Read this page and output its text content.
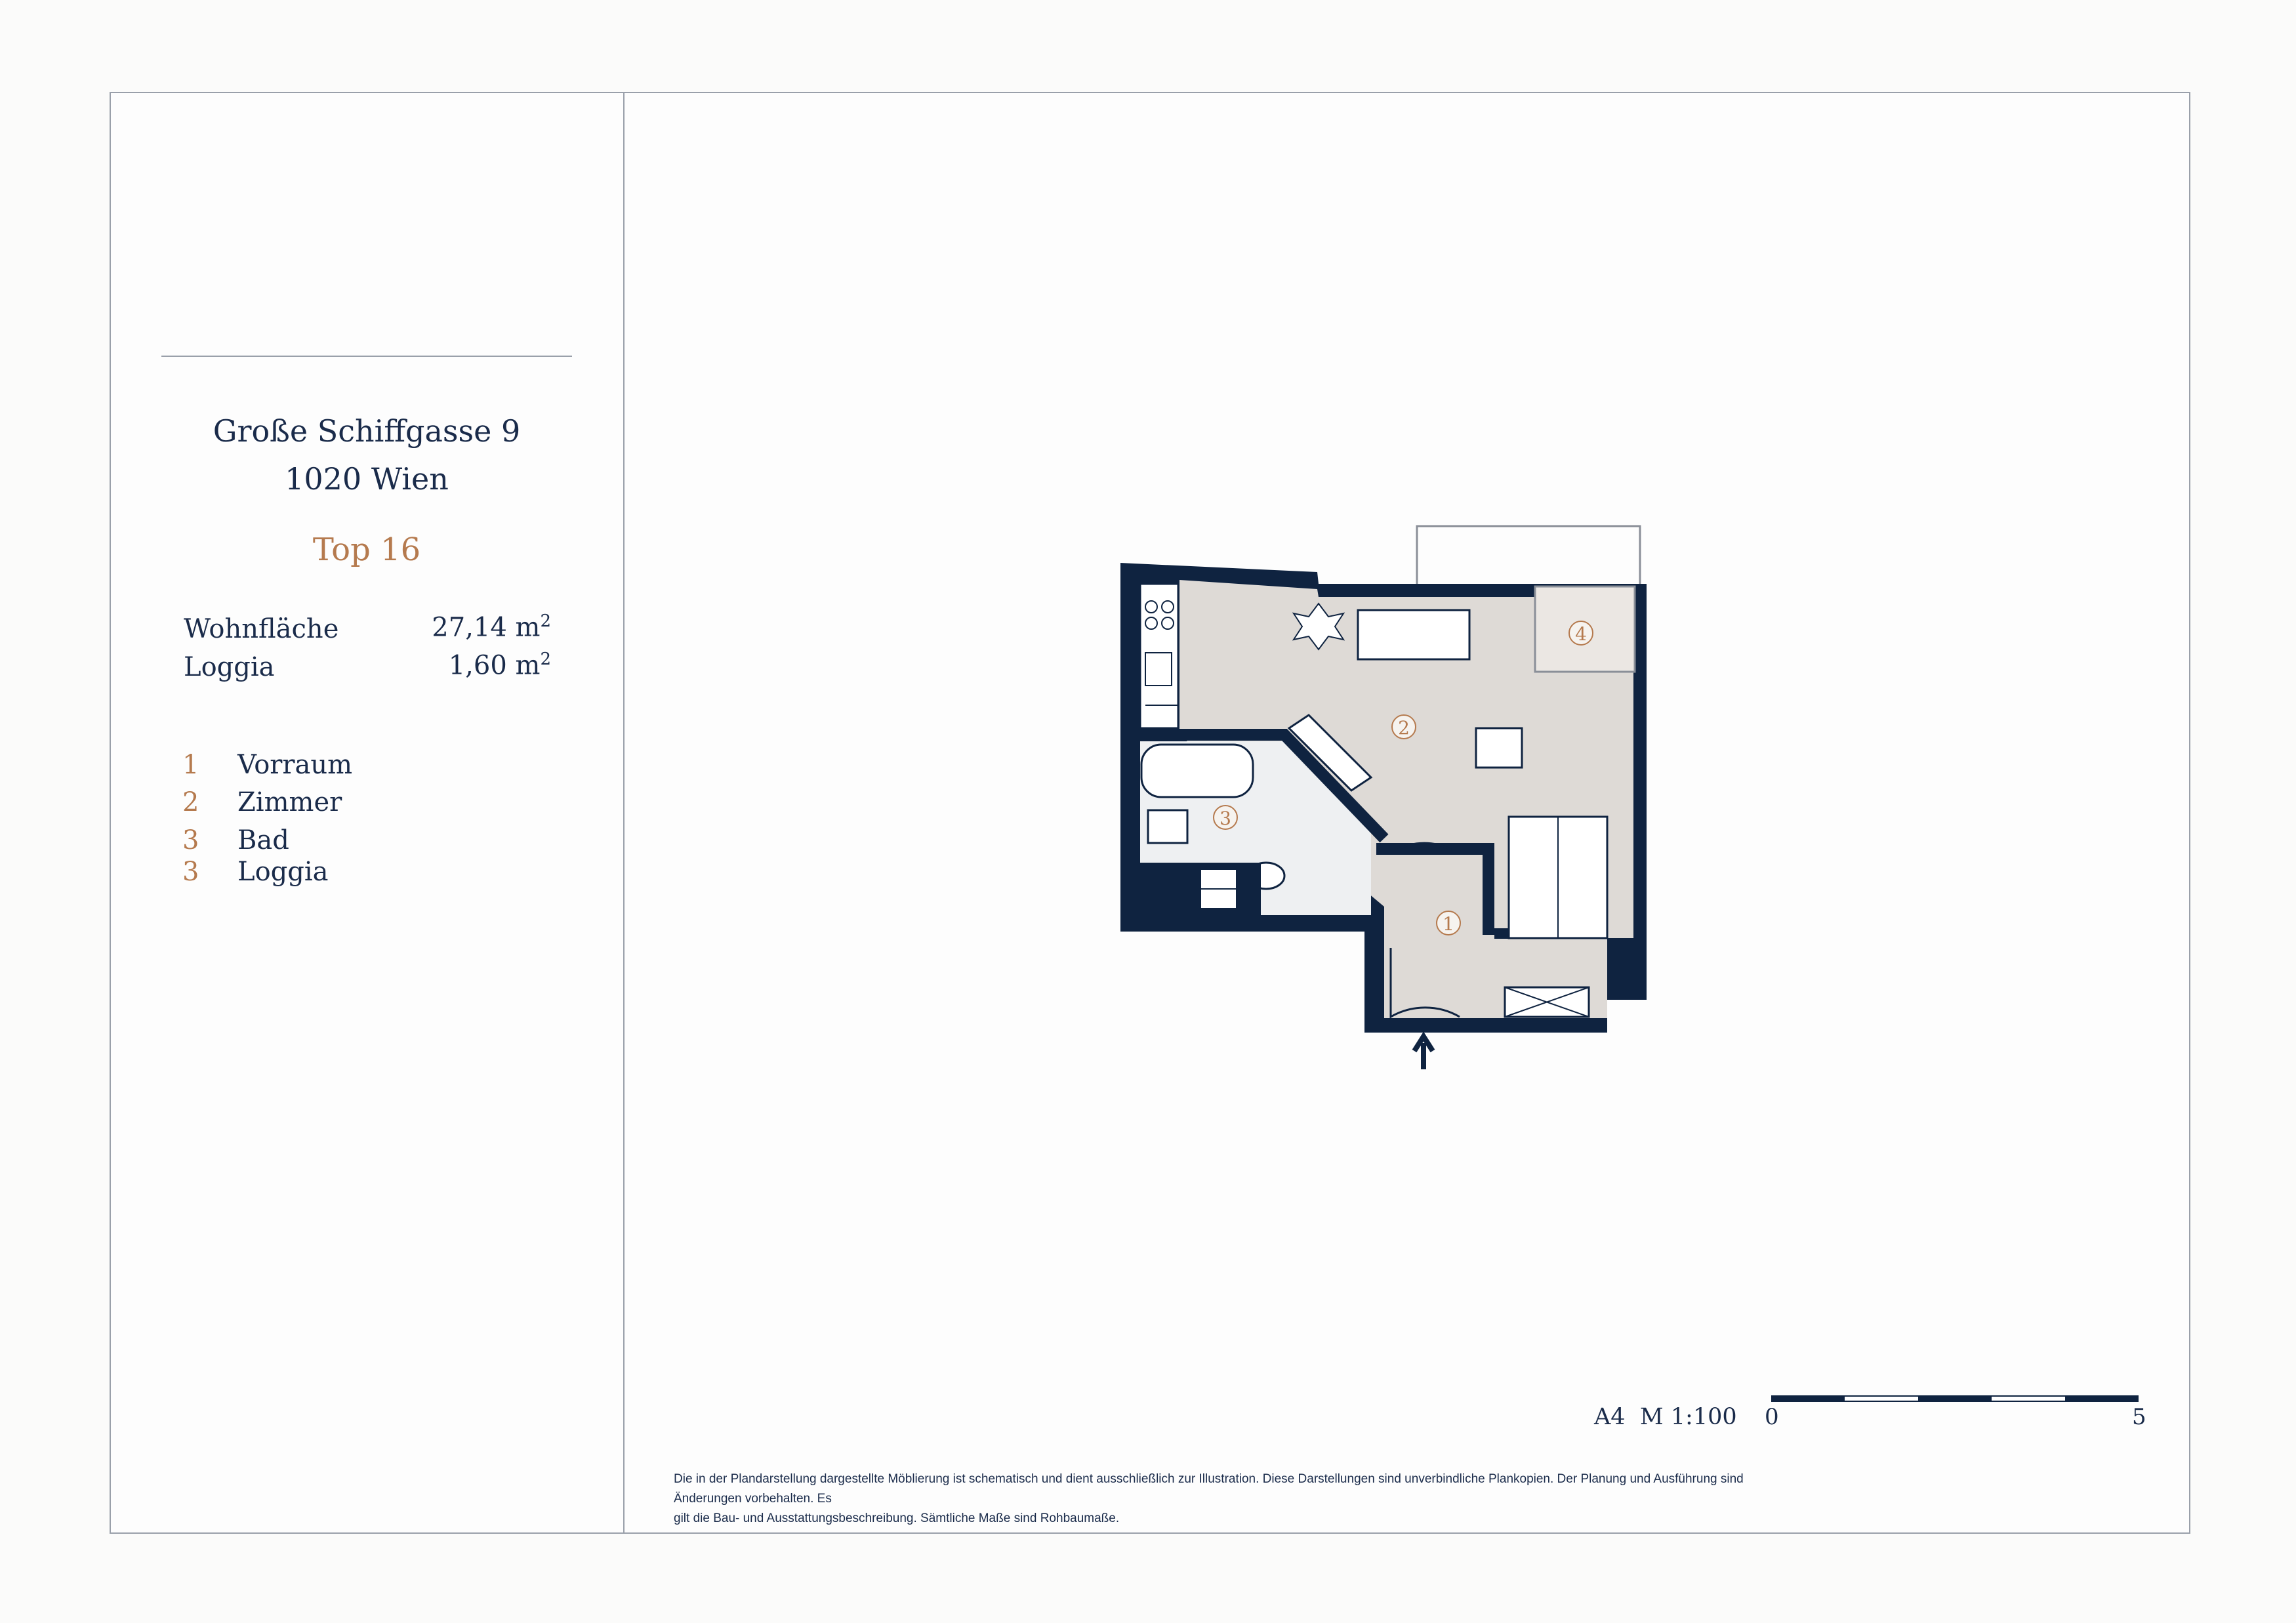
Große Schiffgasse 9
1020 Wien
Top 16
Wohnfläche	27,14 $m^2$
Loggia	1,60 $m^2$
1 Vorraum
2 Zimmer
3 Bad
3 Loggia
1
2
3
4
A4 M 1:100 0	5
Die in der Plandarstellung dargestellte Möblierung ist schematisch und dient ausschließlich zur Illustration. Diese Darstellungen sind unverbindliche Plankopien. Der Planung und Ausführung sind Änderungen vorbehalten. Es
gilt die Bau- und Ausstattungsbeschreibung. Sämtliche Maße sind Rohbaumaße.
